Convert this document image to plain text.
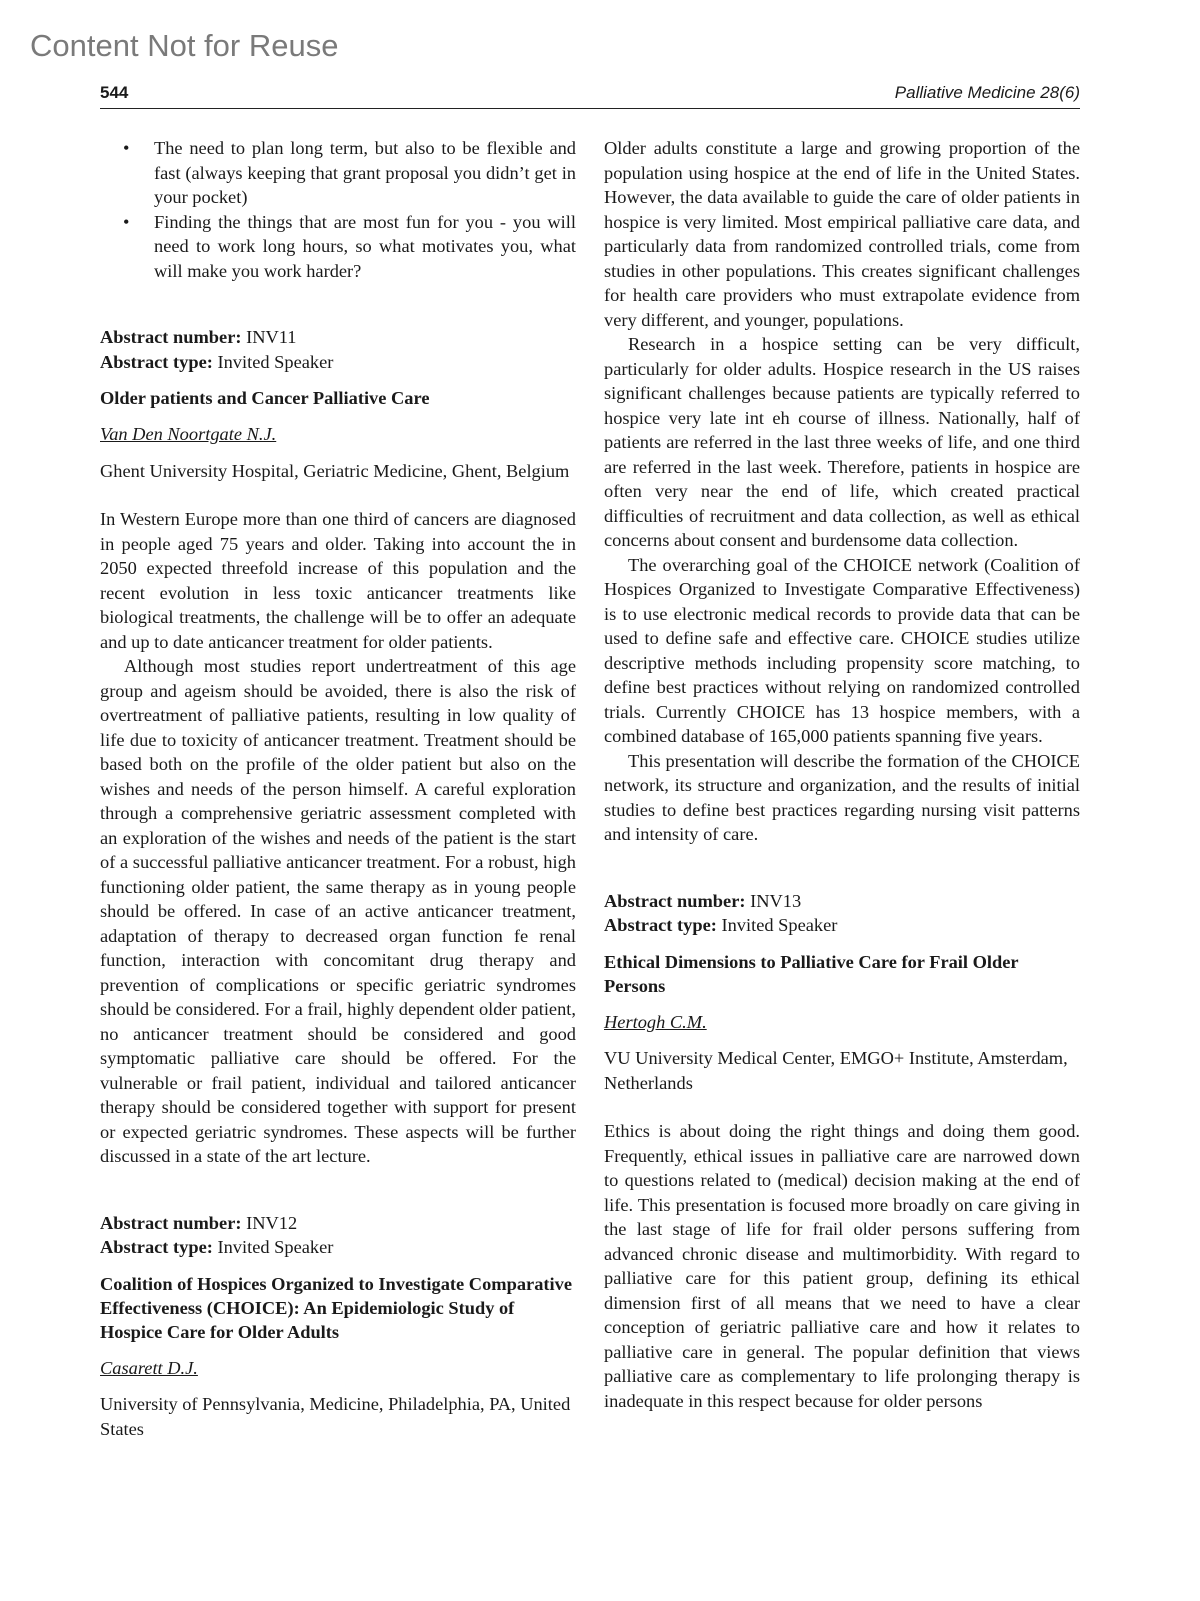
Content Not for Reuse
544	Palliative Medicine 28(6)
• The need to plan long term, but also to be flexible and fast (always keeping that grant proposal you didn’t get in your pocket)
• Finding the things that are most fun for you - you will need to work long hours, so what motivates you, what will make you work harder?

Abstract number: INV11

Abstract type: Invited Speaker

Older patients and Cancer Palliative Care

Van Den Noortgate N.J.

Ghent University Hospital, Geriatric Medicine, Ghent, Belgium

In Western Europe more than one third of cancers are diagnosed in people aged 75 years and older. Taking into account the in 2050 expected threefold increase of this population and the recent evolution in less toxic anticancer treatments like biological treatments, the challenge will be to offer an adequate and up to date anticancer treatment for older patients.

Although most studies report undertreatment of this age group and ageism should be avoided, there is also the risk of overtreatment of palliative patients, resulting in low quality of life due to toxicity of anticancer treatment. Treatment should be based both on the profile of the older patient but also on the wishes and needs of the person himself. A careful exploration through a comprehensive geriatric assessment completed with an exploration of the wishes and needs of the patient is the start of a successful palliative anticancer treatment. For a robust, high functioning older patient, the same therapy as in young people should be offered. In case of an active anticancer treatment, adaptation of therapy to decreased organ function fe renal function, interaction with concomitant drug therapy and prevention of complications or specific geriatric syndromes should be considered. For a frail, highly dependent older patient, no anticancer treatment should be considered and good symptomatic palliative care should be offered. For the vulnerable or frail patient, individual and tailored anticancer therapy should be considered together with support for present or expected geriatric syndromes. These aspects will be further discussed in a state of the art lecture.

Abstract number: INV12

Abstract type: Invited Speaker

Coalition of Hospices Organized to Investigate Comparative Effectiveness (CHOICE): An Epidemiologic Study of Hospice Care for Older Adults

Casarett D.J.

University of Pennsylvania, Medicine, Philadelphia, PA, United States

Older adults constitute a large and growing proportion of the population using hospice at the end of life in the United States. However, the data available to guide the care of older patients in hospice is very limited. Most empirical palliative care data, and particularly data from randomized controlled trials, come from studies in other populations. This creates significant challenges for health care providers who must extrapolate evidence from very different, and younger, populations.

Research in a hospice setting can be very difficult, particularly for older adults. Hospice research in the US raises significant challenges because patients are typically referred to hospice very late int eh course of illness. Nationally, half of patients are referred in the last three weeks of life, and one third are referred in the last week. Therefore, patients in hospice are often very near the end of life, which created practical difficulties of recruitment and data collection, as well as ethical concerns about consent and burdensome data collection.

The overarching goal of the CHOICE network (Coalition of Hospices Organized to Investigate Comparative Effectiveness) is to use electronic medical records to provide data that can be used to define safe and effective care. CHOICE studies utilize descriptive methods including propensity score matching, to define best practices without relying on randomized controlled trials. Currently CHOICE has 13 hospice members, with a combined database of 165,000 patients spanning five years.

This presentation will describe the formation of the CHOICE network, its structure and organization, and the results of initial studies to define best practices regarding nursing visit patterns and intensity of care.

Abstract number: INV13

Abstract type: Invited Speaker

Ethical Dimensions to Palliative Care for Frail Older Persons

Hertogh C.M.

VU University Medical Center, EMGO+ Institute, Amsterdam, Netherlands

Ethics is about doing the right things and doing them good. Frequently, ethical issues in palliative care are narrowed down to questions related to (medical) decision making at the end of life. This presentation is focused more broadly on care giving in the last stage of life for frail older persons suffering from advanced chronic disease and multimorbidity. With regard to palliative care for this patient group, defining its ethical dimension first of all means that we need to have a clear conception of geriatric palliative care and how it relates to palliative care in general. The popular definition that views palliative care as complementary to life prolonging therapy is inadequate in this respect because for older persons
